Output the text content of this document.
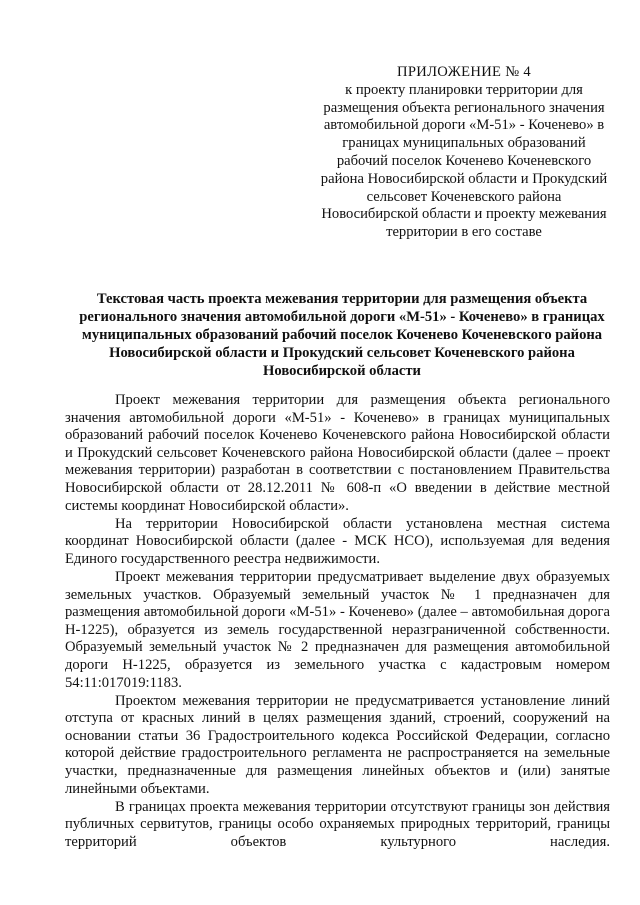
ПРИЛОЖЕНИЕ № 4
к проекту планировки территории для размещения объекта регионального значения автомобильной дороги «М-51» - Коченево» в границах муниципальных образований рабочий поселок Коченево Коченевского района Новосибирской области и Прокудский сельсовет Коченевского района Новосибирской области и проекту межевания территории в его составе
Текстовая часть проекта межевания территории для размещения объекта регионального значения автомобильной дороги «М-51» - Коченево» в границах муниципальных образований рабочий поселок Коченево Коченевского района Новосибирской области и Прокудский сельсовет Коченевского района Новосибирской области

Проект межевания территории для размещения объекта регионального значения автомобильной дороги «М-51» - Коченево» в границах муниципальных образований рабочий поселок Коченево Коченевского района Новосибирской области и Прокудский сельсовет Коченевского района Новосибирской области (далее – проект межевания территории) разработан в соответствии с постановлением Правительства Новосибирской области от 28.12.2011 № 608-п «О введении в действие местной системы координат Новосибирской области».

На территории Новосибирской области установлена местная система координат Новосибирской области (далее - МСК НСО), используемая для ведения Единого государственного реестра недвижимости.

Проект межевания территории предусматривает выделение двух образуемых земельных участков. Образуемый земельный участок № 1 предназначен для размещения автомобильной дороги «М-51» - Коченево» (далее – автомобильная дорога Н-1225), образуется из земель государственной неразграниченной собственности. Образуемый земельный участок № 2 предназначен для размещения автомобильной дороги Н-1225, образуется из земельного участка с кадастровым номером 54:11:017019:1183.

Проектом межевания территории не предусматривается установление линий отступа от красных линий в целях размещения зданий, строений, сооружений на основании статьи 36 Градостроительного кодекса Российской Федерации, согласно которой действие градостроительного регламента не распространяется на земельные участки, предназначенные для размещения линейных объектов и (или) занятые линейными объектами.

В границах проекта межевания территории отсутствуют границы зон действия публичных сервитутов, границы особо охраняемых природных территорий, границы территорий объектов культурного наследия.
